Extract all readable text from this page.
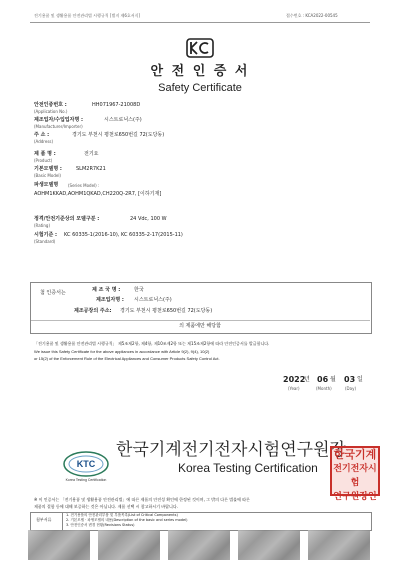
전기용품 및 생활용품 안전관리법 시행규칙 [별지 제6호서식]	접수번호 : KCA2022-00545
안 전 인 증 서
Safety Certificate
안전인증번호 :	HH071967-21008D
(Application No.)
제조업자/수입업자명 :	시스트로닉스(주)
(Manufacturer/Importer)
주 소 :	경기도 부천시 평천로650번길 72(도당동)
(Address)
제 품 명 :	전기요
(Product)
기본모델명 :	SLM2R7K21
(Basic Model)
파생모델명 (Series Model) :
AOHM1KKAD,AOHM1QKAD,CH220Q-2R7, [이하기재]
정격/안전기준상의 모델구분 :	24 Vdc, 100 W
(Rating)
시험기준 : KC 60335-1(2016-10), KC 60335-2-17(2015-11)
(Standard)
첨 인증서는	제 조 국 명 :	한국
제조업자명 : 시스트로닉스(주)
제조공장의 주소: 경기도 부천시 평천로650번길 72(도당동)
의 제품에만 해당함
「전기용품 및 생활용품 안전관리법 시행규칙」 제5조제2항, 제4항, 제10조제2항 또는 제15조제2항에 따라 안전인증서를 발급합니다.
We issue this Safety Certificate for the above appliances in accordance with Article 9(2), 9(4), 10(2)
or 15(2) of the Enforcement Rule of the Electrical Appliances and Consumer Products Safety Control Act.
2022
년 06 월 03 일
(Year)	(Month)	(Day)
KTC
Korea Testing Certification
한국기계전기전자시험연구원장
Korea Testing Certification
한국기계
전기전자시험
연구원장인
※ 이 인증서는 「전기용품 및 생활용품 안전관리법」에 따른 제품의 안전성 확인에 한정된 것이며, 그 밖의 다른 법률에 따른
제품의 결함 등에 대해 보증하는 것은 아닙니다. 제품 선택 시 참고하시기 바랍니다.
첨부서류
1. 전기용품의 안전관리부품 및 부품목록(List of Critical Components)
2. 기본모델 · 파생모델의 내용(Description of the basic and series model)
3. 안전인증서 변경 현황(Revisions Status)
